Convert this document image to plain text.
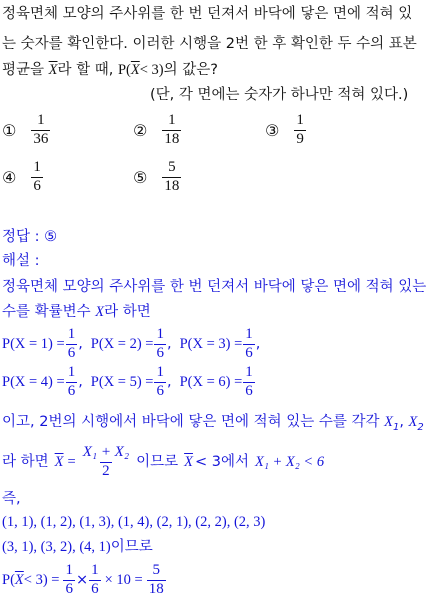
정육면체 모양의 주사위를 한 번 던져서 바닥에 닿은 면에 적혀 있
는 숫자를 확인한다. 이러한 시행을 2번 한 후 확인한 두 수의 표본
평균을 $\overline{X}$라 할 때, $P(\overline{X}< 3)$의 값은?
(단, 각 면에는 숫자가 하나만 적혀 있다.)
① $\frac{1}{36}$	② $\frac{1}{18}$	③ $\frac{1}{9}$
④ $\frac{1}{6}$	⑤ $\frac{5}{18}$
정답 : ⑤
해설 :
정육면체 모양의 주사위를 한 번 던져서 바닥에 닿은 면에 적혀 있는
수를 확률변수 X라 하면
$P(X = 1) = \frac{1}{6}$ , $P(X = 2) = \frac{1}{6}$ , $P(X = 3) = \frac{1}{6}$ ,
$P(X = 4) = \frac{1}{6}$ , $P(X = 5) = \frac{1}{6}$ , $P(X = 6) = \frac{1}{6}$
이고, 2번의 시행에서 바닥에 닿은 면에 적혀 있는 수를 각각 $X_1$, $X_2$
라 하면 $\overline{X} = \frac{\text{X₁ + X₂}}{2}$ 이므로 $\overline{X} < 3$에서 X₁ + X₂ < 6
즉,
(1, 1), (1, 2), (1, 3), (1, 4), (2, 1), (2, 2), (2, 3)
(3, 1), (3, 2), (4, 1)이므로
P( $\overline{X} < 3) = \frac{1}{6} \times \frac{1}{6} \times 10 = \frac{5}{18}$
